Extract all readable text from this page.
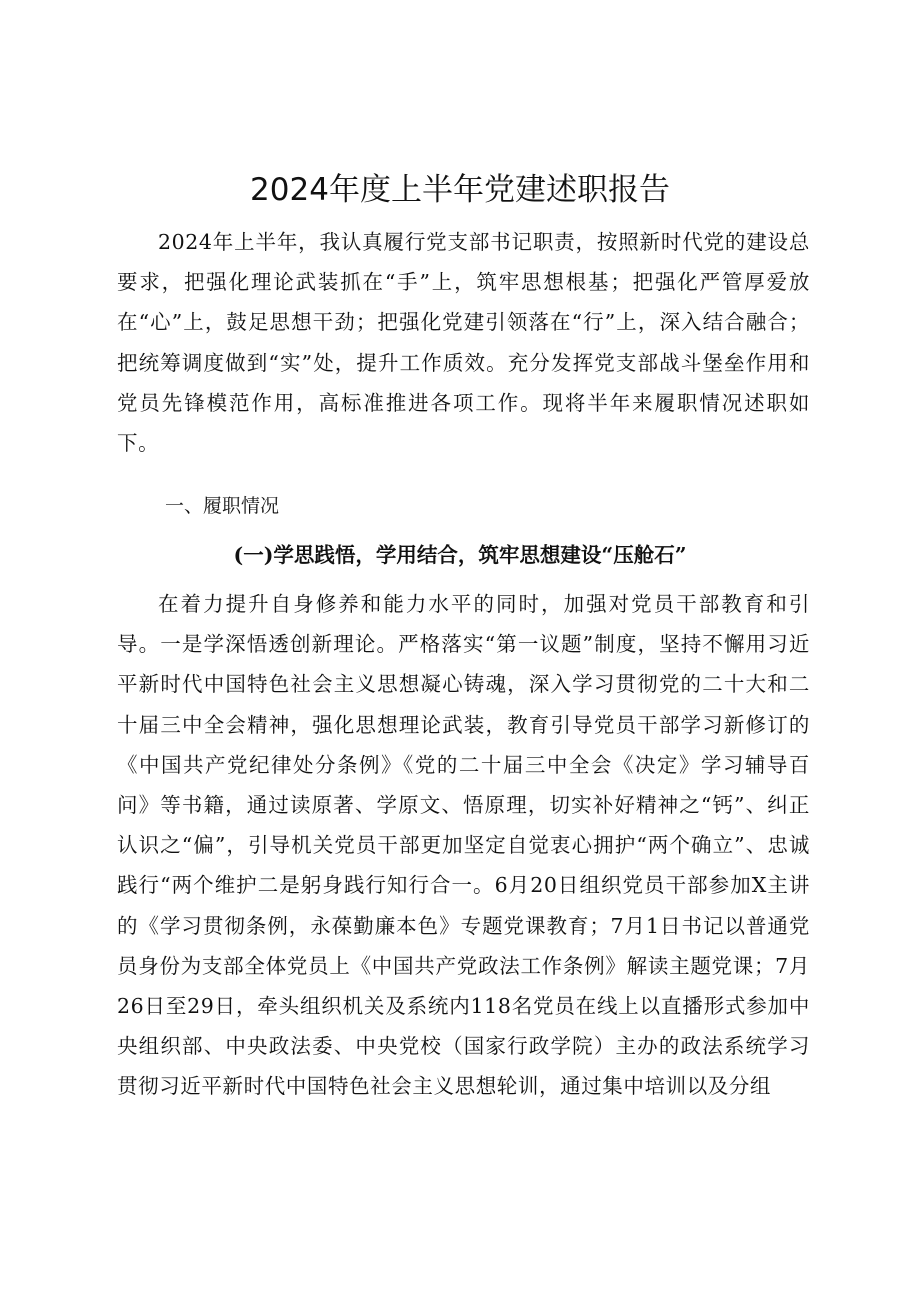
2024年度上半年党建述职报告

2024年上半年，我认真履行党支部书记职责，按照新时代党的建设总要求，把强化理论武装抓在“手”上，筑牢思想根基；把强化严管厚爱放在“心”上，鼓足思想干劲；把强化党建引领落在“行”上，深入结合融合；把统筹调度做到“实”处，提升工作质效。充分发挥党支部战斗堡垒作用和党员先锋模范作用，高标准推进各项工作。现将半年来履职情况述职如下。

一、履职情况

(一)学思践悟，学用结合，筑牢思想建设“压舱石”

在着力提升自身修养和能力水平的同时，加强对党员干部教育和引导。一是学深悟透创新理论。严格落实“第一议题”制度，坚持不懈用习近平新时代中国特色社会主义思想凝心铸魂，深入学习贯彻党的二十大和二十届三中全会精神，强化思想理论武装，教育引导党员干部学习新修订的《中国共产党纪律处分条例》《党的二十届三中全会《决定》学习辅导百问》等书籍，通过读原著、学原文、悟原理，切实补好精神之“钙”、纠正认识之“偏”，引导机关党员干部更加坚定自觉衷心拥护“两个确立”、忠诚践行“两个维护二是躬身践行知行合一。6月20日组织党员干部参加X主讲的《学习贯彻条例，永葆勤廉本色》专题党课教育；7月1日书记以普通党员身份为支部全体党员上《中国共产党政法工作条例》解读主题党课；7月26日至29日，牵头组织机关及系统内118名党员在线上以直播形式参加中央组织部、中央政法委、中央党校（国家行政学院）主办的政法系统学习贯彻习近平新时代中国特色社会主义思想轮训，通过集中培训以及分组
